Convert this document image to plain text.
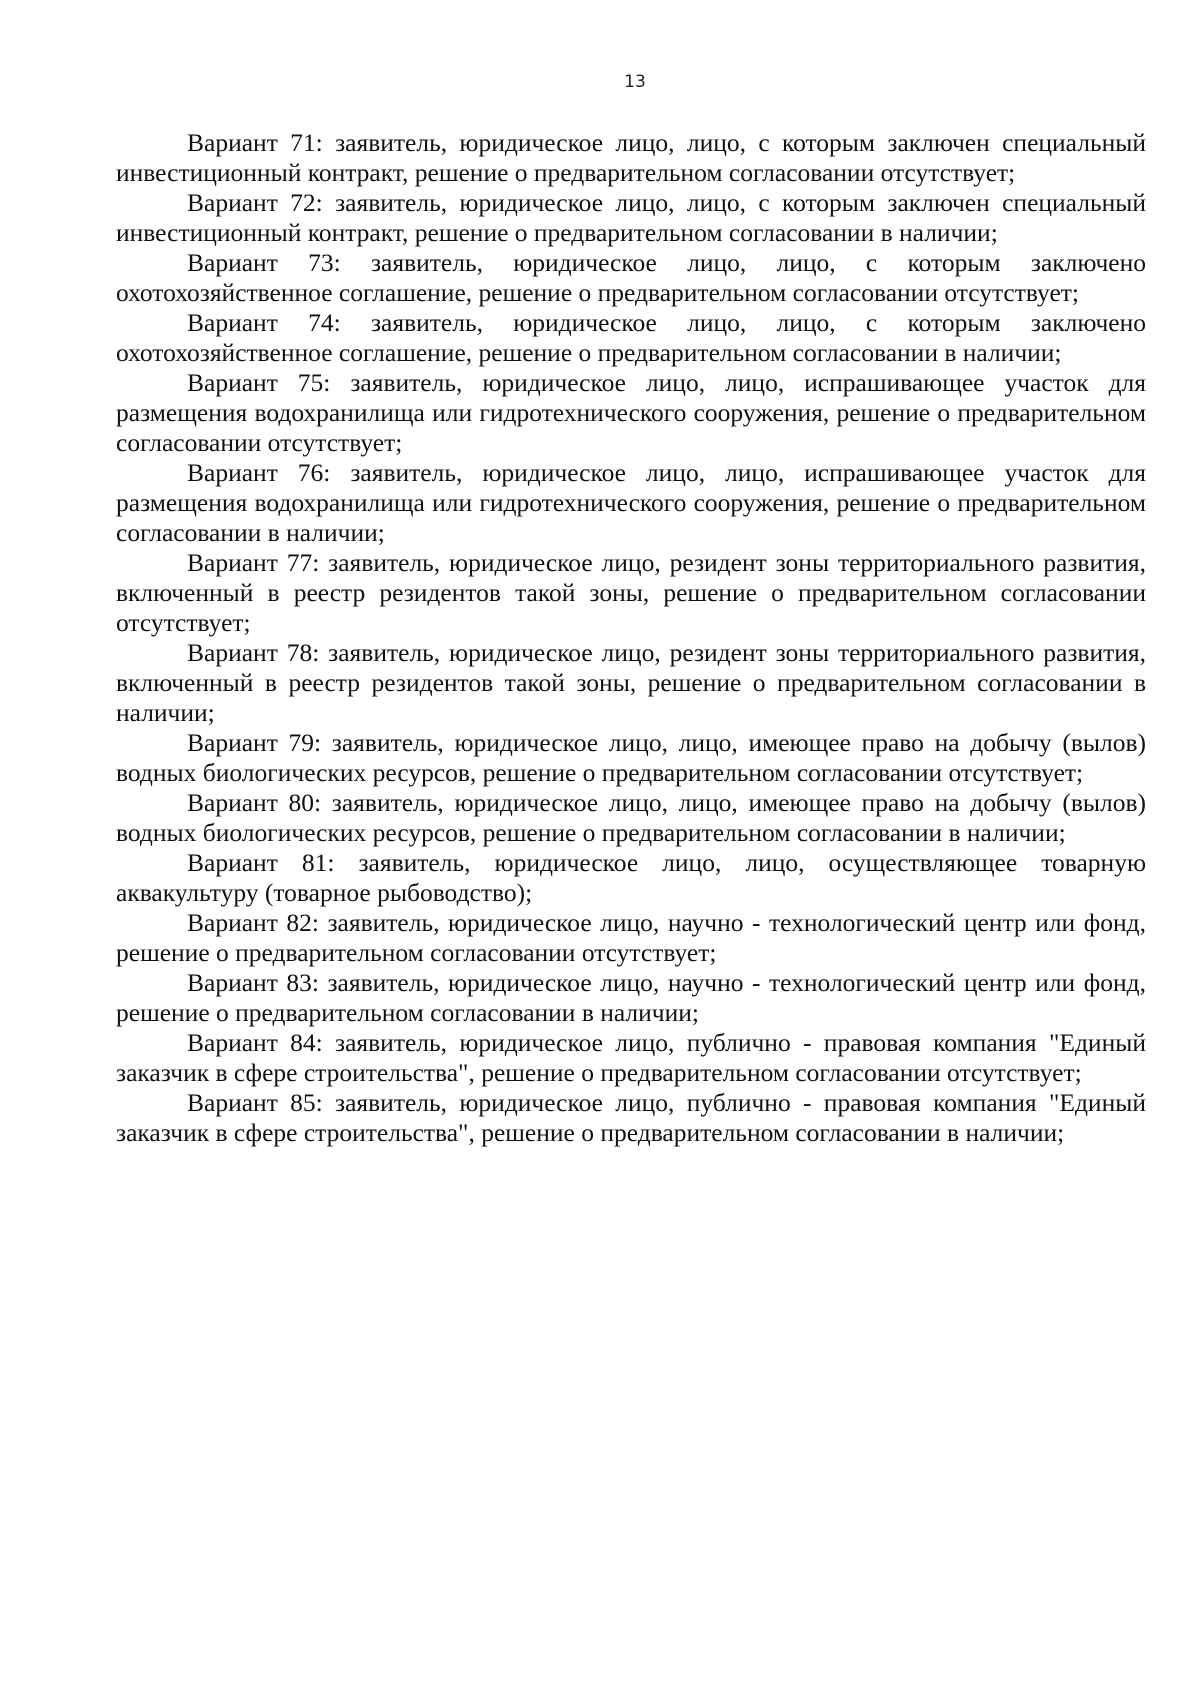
13

Вариант 71: заявитель, юридическое лицо, лицо, с которым заключен специальный инвестиционный контракт, решение о предварительном согласовании отсутствует;

Вариант 72: заявитель, юридическое лицо, лицо, с которым заключен специальный инвестиционный контракт, решение о предварительном согласовании в наличии;

Вариант 73: заявитель, юридическое лицо, лицо, с которым заключено охотохозяйственное соглашение, решение о предварительном согласовании отсутствует;

Вариант 74: заявитель, юридическое лицо, лицо, с которым заключено охотохозяйственное соглашение, решение о предварительном согласовании в наличии;

Вариант 75: заявитель, юридическое лицо, лицо, испрашивающее участок для размещения водохранилища или гидротехнического сооружения, решение о предварительном согласовании отсутствует;

Вариант 76: заявитель, юридическое лицо, лицо, испрашивающее участок для размещения водохранилища или гидротехнического сооружения, решение о предварительном согласовании в наличии;

Вариант 77: заявитель, юридическое лицо, резидент зоны территориального развития, включенный в реестр резидентов такой зоны, решение о предварительном согласовании отсутствует;

Вариант 78: заявитель, юридическое лицо, резидент зоны территориального развития, включенный в реестр резидентов такой зоны, решение о предварительном согласовании в наличии;

Вариант 79: заявитель, юридическое лицо, лицо, имеющее право на добычу (вылов) водных биологических ресурсов, решение о предварительном согласовании отсутствует;

Вариант 80: заявитель, юридическое лицо, лицо, имеющее право на добычу (вылов) водных биологических ресурсов, решение о предварительном согласовании в наличии;

Вариант 81: заявитель, юридическое лицо, лицо, осуществляющее товарную аквакультуру (товарное рыбоводство);

Вариант 82: заявитель, юридическое лицо, научно - технологический центр или фонд, решение о предварительном согласовании отсутствует;

Вариант 83: заявитель, юридическое лицо, научно - технологический центр или фонд, решение о предварительном согласовании в наличии;

Вариант 84: заявитель, юридическое лицо, публично - правовая компания "Единый заказчик в сфере строительства", решение о предварительном согласовании отсутствует;

Вариант 85: заявитель, юридическое лицо, публично - правовая компания "Единый заказчик в сфере строительства", решение о предварительном согласовании в наличии;
